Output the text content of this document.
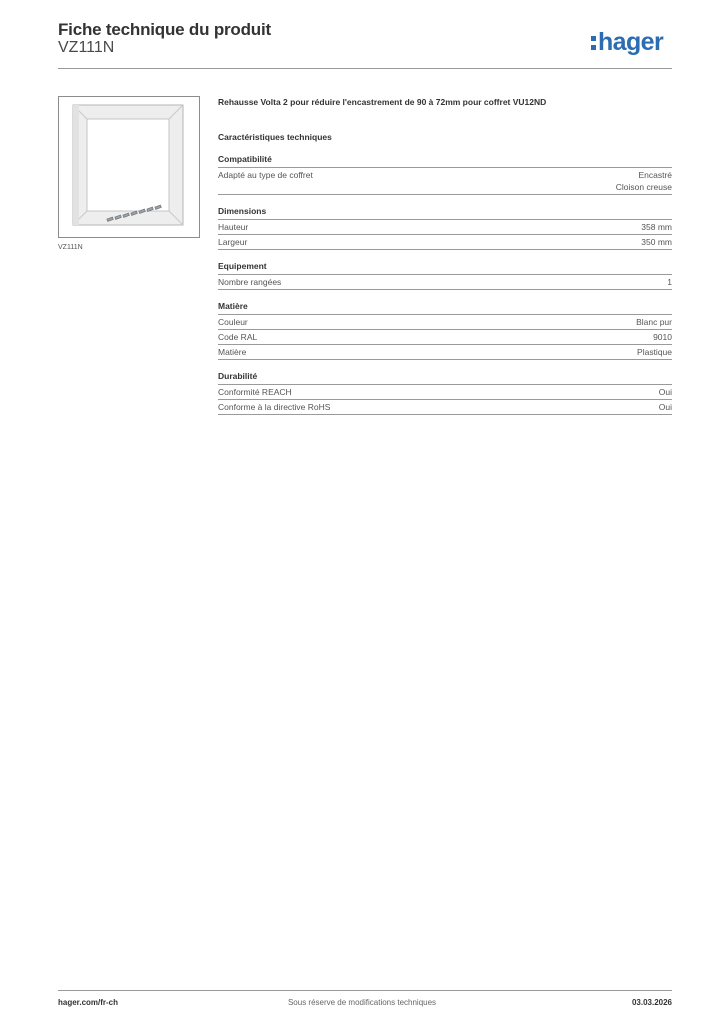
Fiche technique du produit
VZ111N	hager
VZ111N

Rehausse Volta 2 pour réduire l'encastrement de 90 à 72mm pour coffret VU12ND

Caractéristiques techniques
Compatibilité
Adapté au type de coffret	Encastré
Cloison creuse
Dimensions
Hauteur	358 mm
Largeur	350 mm
Equipement
Nombre rangées	1
Matière
Couleur	Blanc pur
Code RAL	9010
Matière	Plastique
Durabilité
Conformité REACH	Oui
Conforme à la directive RoHS	Oui
hager.com/fr-ch	Sous réserve de modifications techniques	03.03.2026
